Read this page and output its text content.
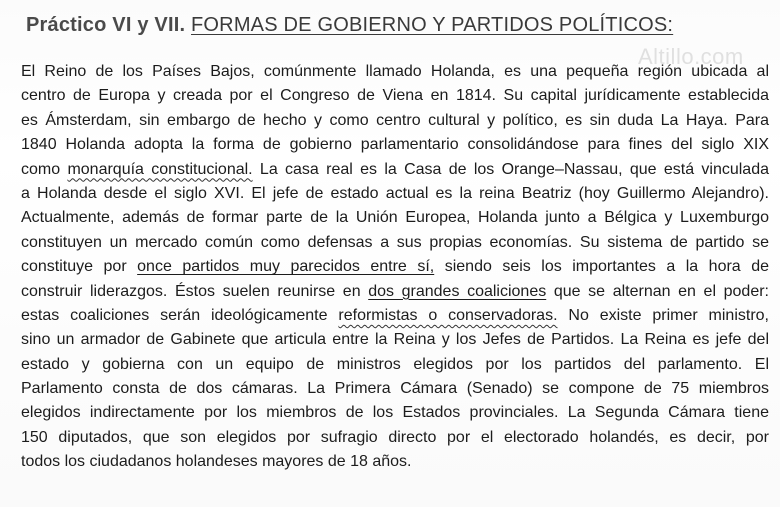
Práctico VI y VII. FORMAS DE GOBIERNO Y PARTIDOS POLÍTICOS:
Altillo.com
El Reino de los Países Bajos, comúnmente llamado Holanda, es una pequeña región ubicada al
centro de Europa y creada por el Congreso de Viena en 1814. Su capital jurídicamente establecida
es Ámsterdam, sin embargo de hecho y como centro cultural y político, es sin duda La Haya. Para
1840 Holanda adopta la forma de gobierno parlamentario consolidándose para fines del siglo XIX
como monarquía constitucional. La casa real es la Casa de los Orange–Nassau, que está vinculada
a Holanda desde el siglo XVI. El jefe de estado actual es la reina Beatriz (hoy Guillermo Alejandro).
Actualmente, además de formar parte de la Unión Europea, Holanda junto a Bélgica y Luxemburgo
constituyen un mercado común como defensas a sus propias economías. Su sistema de partido se
constituye por once partidos muy parecidos entre sí, siendo seis los importantes a la hora de
construir liderazgos. Éstos suelen reunirse en dos grandes coaliciones que se alternan en el poder:
estas coaliciones serán ideológicamente reformistas o conservadoras. No existe primer ministro,
sino un armador de Gabinete que articula entre la Reina y los Jefes de Partidos. La Reina es jefe del
estado y gobierna con un equipo de ministros elegidos por los partidos del parlamento. El
Parlamento consta de dos cámaras. La Primera Cámara (Senado) se compone de 75 miembros
elegidos indirectamente por los miembros de los Estados provinciales. La Segunda Cámara tiene
150 diputados, que son elegidos por sufragio directo por el electorado holandés, es decir, por
todos los ciudadanos holandeses mayores de 18 años.
